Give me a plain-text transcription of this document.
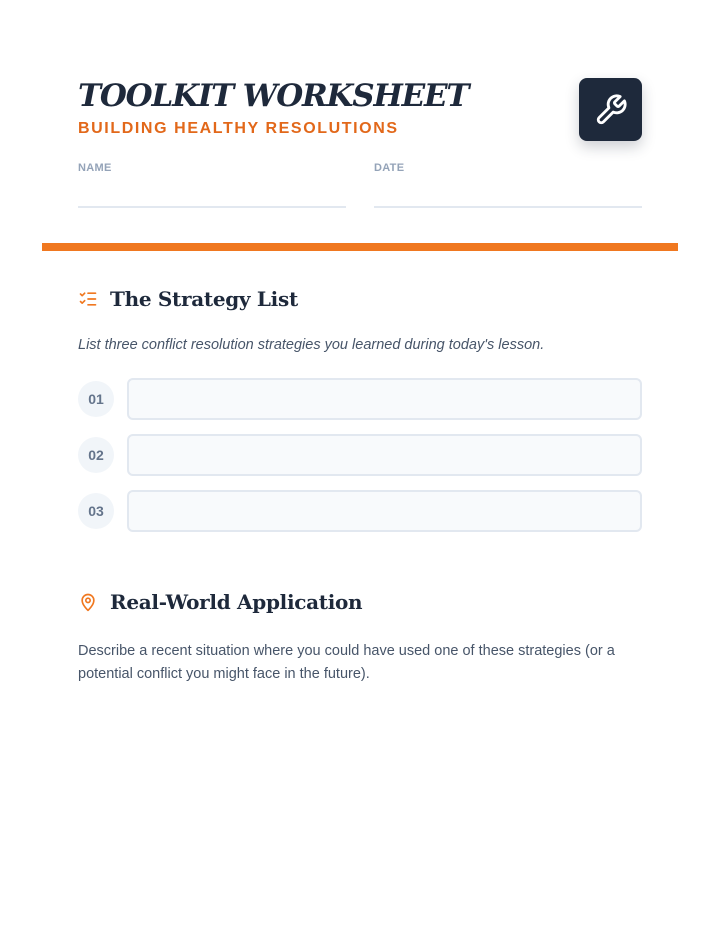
TOOLKIT WORKSHEET
BUILDING HEALTHY RESOLUTIONS
NAME	DATE
The Strategy List
List three conflict resolution strategies you learned during today's lesson.
01
02
03
Real-World Application
Describe a recent situation where you could have used one of these strategies (or a potential conflict you might face in the future).
